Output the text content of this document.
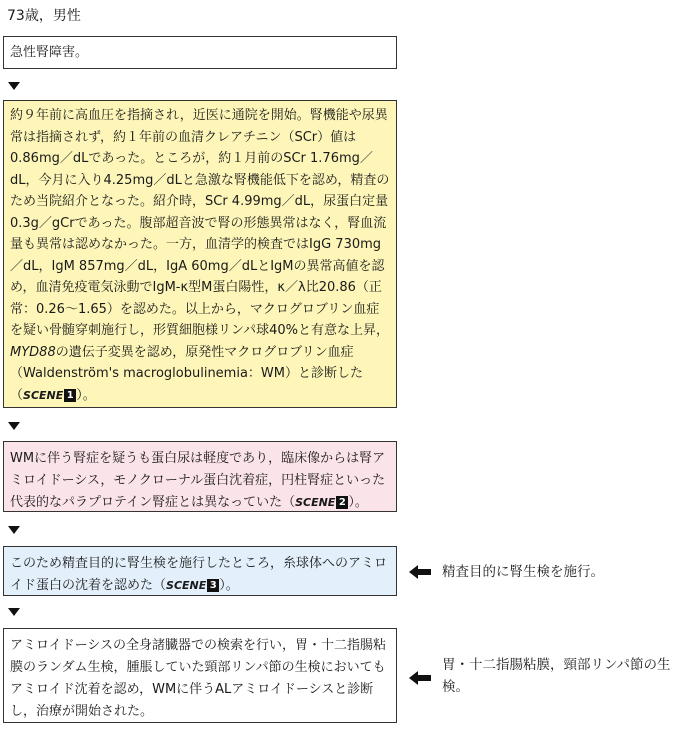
73歳，男性

急性腎障害。

約９年前に高血圧を指摘され，近医に通院を開始。腎機能や尿異常は指摘されず，約１年前の血清クレアチニン（SCr）値は0.86mg／dLであった。ところが，約１月前のSCr 1.76mg／dL，今月に入り4.25mg／dLと急激な腎機能低下を認め，精査のため当院紹介となった。紹介時，SCr 4.99mg／dL，尿蛋白定量0.3g／gCrであった。腹部超音波で腎の形態異常はなく，腎血流量も異常は認めなかった。一方，血清学的検査ではIgG 730mg／dL，IgM 857mg／dL，IgA 60mg／dLとIgMの異常高値を認め，血清免疫電気泳動でIgM-κ型M蛋白陽性，κ／λ比20.86（正常：0.26〜1.65）を認めた。以上から，マクログロブリン血症を疑い骨髄穿刺施行し，形質細胞様リンパ球40%と有意な上昇，MYD88の遺伝子変異を認め，原発性マクログロブリン血症（Waldenström's macroglobulinemia：WM）と診断した（SCENE 1 ）。

WMに伴う腎症を疑うも蛋白尿は軽度であり，臨床像からは腎アミロイドーシス，モノクローナル蛋白沈着症，円柱腎症といった代表的なパラプロテイン腎症とは異なっていた（SCENE 2 ）。

このため精査目的に腎生検を施行したところ，糸球体へのアミロイド蛋白の沈着を認めた（SCENE 3 ）。

精査目的に腎生検を施行。

アミロイドーシスの全身諸臓器での検索を行い，胃・十二指腸粘膜のランダム生検，腫脹していた頸部リンパ節の生検においてもアミロイド沈着を認め，WMに伴うALアミロイドーシスと診断し，治療が開始された。

胃・十二指腸粘膜，頸部リンパ節の生検。
